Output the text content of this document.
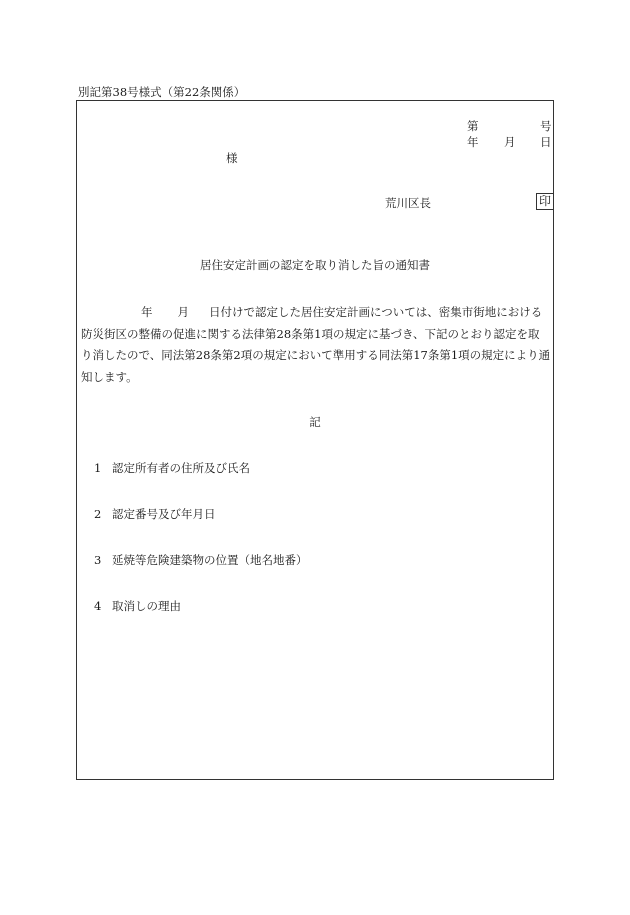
別記第38号様式（第22条関係）
第	号
年 月 日
様
荒川区長	印
居住安定計画の認定を取り消した旨の通知書
年 月 日付けで認定した居住安定計画については、密集市街地における
防災街区の整備の促進に関する法律第28条第1項の規定に基づき、下記のとおり認定を取
り消したので、同法第28条第2項の規定において準用する同法第17条第1項の規定により通
知します。
記
1 認定所有者の住所及び氏名
2 認定番号及び年月日
3 延焼等危険建築物の位置（地名地番）
4 取消しの理由
